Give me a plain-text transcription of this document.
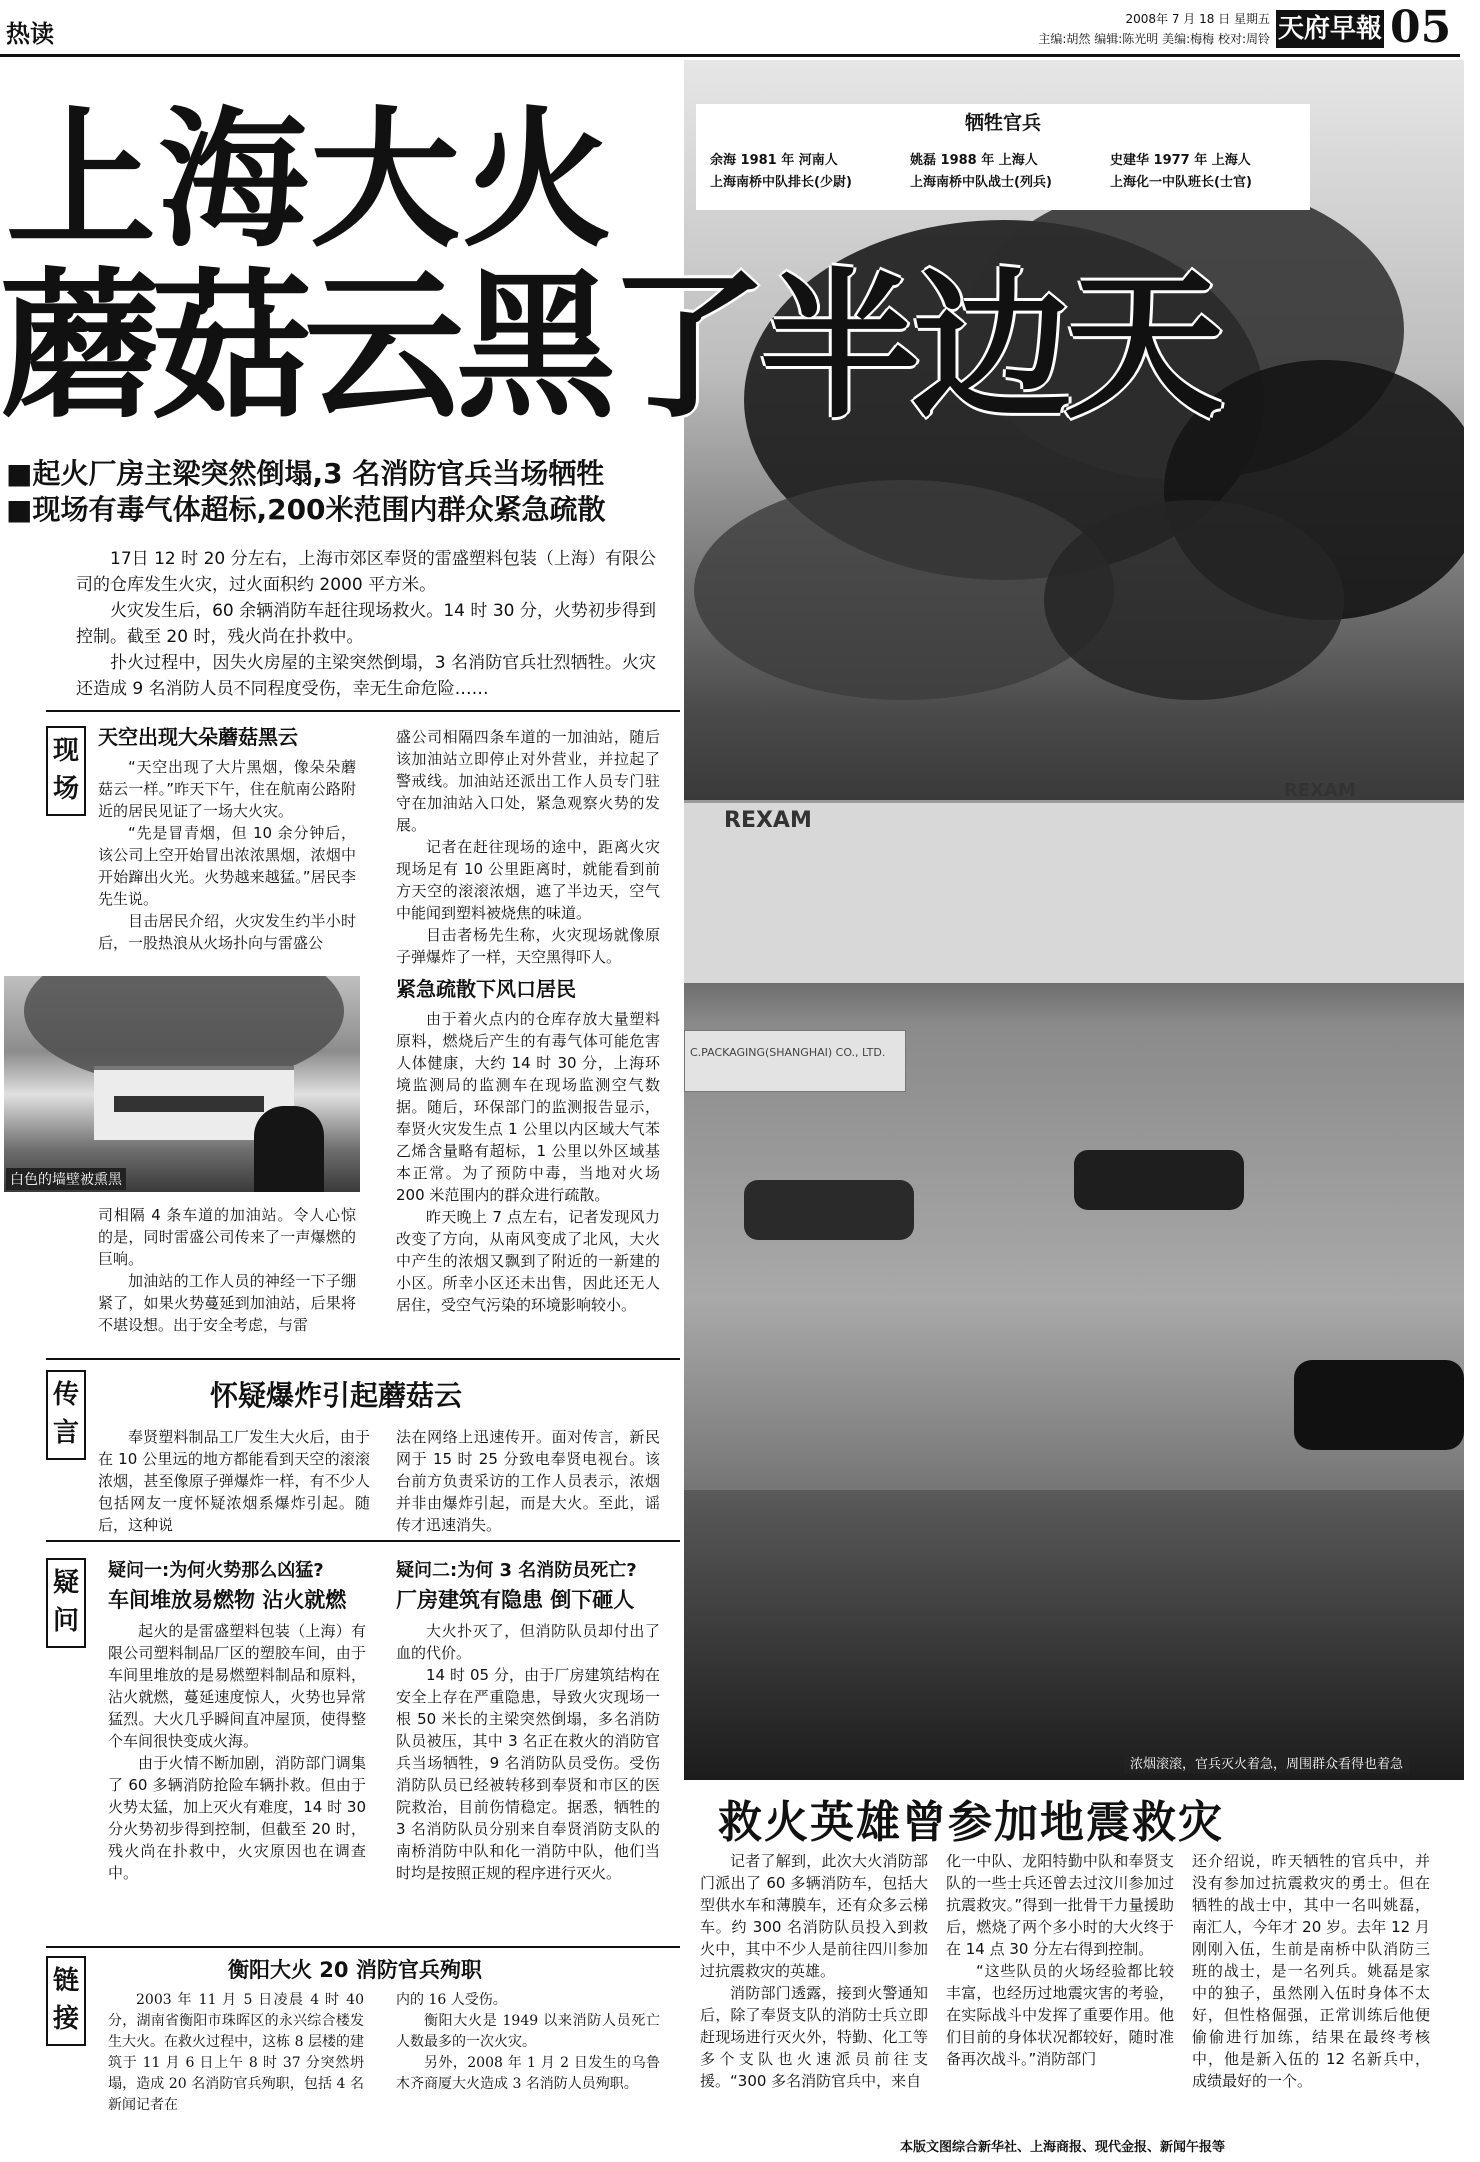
热读
2008年 7 月 18 日 星期五
主编:胡然 编辑:陈光明 美编:梅梅 校对:周铃 天府早報 05
REXAM
REXAM
C.PACKAGING(SHANGHAI) CO., LTD.
浓烟滚滚，官兵灭火着急，周围群众看得也着急
牺牲官兵
余海 1981 年 河南人
上海南桥中队排长(少尉)
姚磊 1988 年 上海人
上海南桥中队战士(列兵)
史建华 1977 年 上海人
上海化一中队班长(士官)
上海大火
蘑菇云黑了半边天
■起火厂房主梁突然倒塌,3 名消防官兵当场牺牲
■现场有毒气体超标,200米范围内群众紧急疏散

17日 12 时 20 分左右，上海市郊区奉贤的雷盛塑料包装（上海）有限公司的仓库发生火灾，过火面积约 2000 平方米。

火灾发生后，60 余辆消防车赶往现场救火。14 时 30 分，火势初步得到控制。截至 20 时，残火尚在扑救中。

扑火过程中，因失火房屋的主梁突然倒塌，3 名消防官兵壮烈牺牲。火灾还造成 9 名消防人员不同程度受伤，幸无生命危险……

现场
天空出现大朵蘑菇黑云

“天空出现了大片黑烟，像朵朵蘑菇云一样。”昨天下午，住在航南公路附近的居民见证了一场大火灾。

“先是冒青烟，但 10 余分钟后，该公司上空开始冒出浓浓黑烟，浓烟中开始蹿出火光。火势越来越猛。”居民李先生说。

目击居民介绍，火灾发生约半小时后，一股热浪从火场扑向与雷盛公

白色的墙壁被熏黑

司相隔 4 条车道的加油站。令人心惊的是，同时雷盛公司传来了一声爆燃的巨响。

加油站的工作人员的神经一下子绷紧了，如果火势蔓延到加油站，后果将不堪设想。出于安全考虑，与雷

盛公司相隔四条车道的一加油站，随后该加油站立即停止对外营业，并拉起了警戒线。加油站还派出工作人员专门驻守在加油站入口处，紧急观察火势的发展。

记者在赶往现场的途中，距离火灾现场足有 10 公里距离时，就能看到前方天空的滚滚浓烟，遮了半边天，空气中能闻到塑料被烧焦的味道。

目击者杨先生称，火灾现场就像原子弹爆炸了一样，天空黑得吓人。

紧急疏散下风口居民

由于着火点内的仓库存放大量塑料原料，燃烧后产生的有毒气体可能危害人体健康，大约 14 时 30 分，上海环境监测局的监测车在现场监测空气数据。随后，环保部门的监测报告显示，奉贤火灾发生点 1 公里以内区域大气苯乙烯含量略有超标，1 公里以外区域基本正常。为了预防中毒，当地对火场 200 米范围内的群众进行疏散。

昨天晚上 7 点左右，记者发现风力改变了方向，从南风变成了北风，大火中产生的浓烟又飘到了附近的一新建的小区。所幸小区还未出售，因此还无人居住，受空气污染的环境影响较小。

传言
怀疑爆炸引起蘑菇云

奉贤塑料制品工厂发生大火后，由于在 10 公里远的地方都能看到天空的滚滚浓烟，甚至像原子弹爆炸一样，有不少人包括网友一度怀疑浓烟系爆炸引起。随后，这种说

法在网络上迅速传开。面对传言，新民网于 15 时 25 分致电奉贤电视台。该台前方负责采访的工作人员表示，浓烟并非由爆炸引起，而是大火。至此，谣传才迅速消失。

疑问
疑问一:为何火势那么凶猛?
车间堆放易燃物 沾火就燃

起火的是雷盛塑料包装（上海）有限公司塑料制品厂区的塑胶车间，由于车间里堆放的是易燃塑料制品和原料，沾火就燃，蔓延速度惊人，火势也异常猛烈。大火几乎瞬间直冲屋顶，使得整个车间很快变成火海。

由于火情不断加剧，消防部门调集了 60 多辆消防抢险车辆扑救。但由于火势太猛，加上灭火有难度，14 时 30 分火势初步得到控制，但截至 20 时，残火尚在扑救中，火灾原因也在调查中。

疑问二:为何 3 名消防员死亡?
厂房建筑有隐患 倒下砸人

大火扑灭了，但消防队员却付出了血的代价。

14 时 05 分，由于厂房建筑结构在安全上存在严重隐患，导致火灾现场一根 50 米长的主梁突然倒塌，多名消防队员被压，其中 3 名正在救火的消防官兵当场牺牲，9 名消防队员受伤。受伤消防队员已经被转移到奉贤和市区的医院救治，目前伤情稳定。据悉，牺牲的 3 名消防队员分别来自奉贤消防支队的南桥消防中队和化一消防中队，他们当时均是按照正规的程序进行灭火。

链接
衡阳大火 20 消防官兵殉职

2003 年 11 月 5 日凌晨 4 时 40 分，湖南省衡阳市珠晖区的永兴综合楼发生大火。在救火过程中，这栋 8 层楼的建筑于 11 月 6 日上午 8 时 37 分突然坍塌，造成 20 名消防官兵殉职，包括 4 名新闻记者在

内的 16 人受伤。

衡阳大火是 1949 以来消防人员死亡人数最多的一次火灾。

另外，2008 年 1 月 2 日发生的乌鲁木齐商厦大火造成 3 名消防人员殉职。

救火英雄曾参加地震救灾

记者了解到，此次大火消防部门派出了 60 多辆消防车，包括大型供水车和薄膜车，还有众多云梯车。约 300 名消防队员投入到救火中，其中不少人是前往四川参加过抗震救灾的英雄。

消防部门透露，接到火警通知后，除了奉贤支队的消防士兵立即赶现场进行灭火外，特勤、化工等多个支队也火速派员前往支援。“300 多名消防官兵中，来自

化一中队、龙阳特勤中队和奉贤支队的一些士兵还曾去过汶川参加过抗震救灾。”得到一批骨干力量援助后，燃烧了两个多小时的大火终于在 14 点 30 分左右得到控制。

“这些队员的火场经验都比较丰富，也经历过地震灾害的考验，在实际战斗中发挥了重要作用。他们目前的身体状况都较好，随时准备再次战斗。”消防部门

还介绍说，昨天牺牲的官兵中，并没有参加过抗震救灾的勇士。但在牺牲的战士中，其中一名叫姚磊，南汇人，今年才 20 岁。去年 12 月刚刚入伍，生前是南桥中队消防三班的战士，是一名列兵。姚磊是家中的独子，虽然刚入伍时身体不太好，但性格倔强，正常训练后他便偷偷进行加练，结果在最终考核中，他是新入伍的 12 名新兵中，成绩最好的一个。

本版文图综合新华社、上海商报、现代金报、新闻午报等
